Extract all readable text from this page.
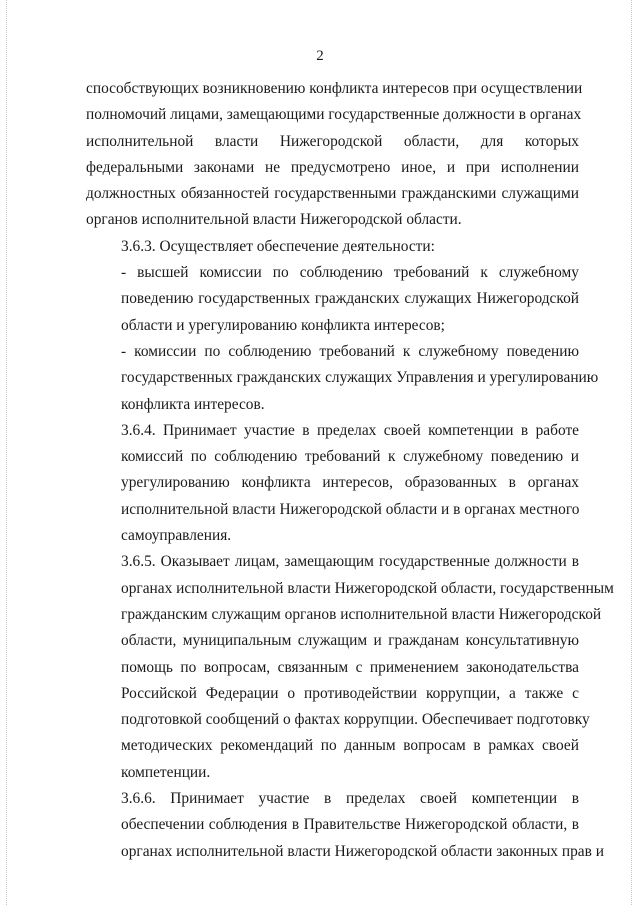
2

способствующих возникновению конфликта интересов при осуществлении
полномочий лицами, замещающими государственные должности в органах
исполнительной власти Нижегородской области, для которых
федеральными законами не предусмотрено иное, и при исполнении
должностных обязанностей государственными гражданскими служащими
органов исполнительной власти Нижегородской области.

3.6.3. Осуществляет обеспечение деятельности:

- высшей комиссии по соблюдению требований к служебному
поведению государственных гражданских служащих Нижегородской
области и урегулированию конфликта интересов;

- комиссии по соблюдению требований к служебному поведению
государственных гражданских служащих Управления и урегулированию
конфликта интересов.

3.6.4. Принимает участие в пределах своей компетенции в работе
комиссий по соблюдению требований к служебному поведению и
урегулированию конфликта интересов, образованных в органах
исполнительной власти Нижегородской области и в органах местного
самоуправления.

3.6.5. Оказывает лицам, замещающим государственные должности в
органах исполнительной власти Нижегородской области, государственным
гражданским служащим органов исполнительной власти Нижегородской
области, муниципальным служащим и гражданам консультативную
помощь по вопросам, связанным с применением законодательства
Российской Федерации о противодействии коррупции, а также с
подготовкой сообщений о фактах коррупции. Обеспечивает подготовку
методических рекомендаций по данным вопросам в рамках своей
компетенции.

3.6.6. Принимает участие в пределах своей компетенции в
обеспечении соблюдения в Правительстве Нижегородской области, в
органах исполнительной власти Нижегородской области законных прав и
